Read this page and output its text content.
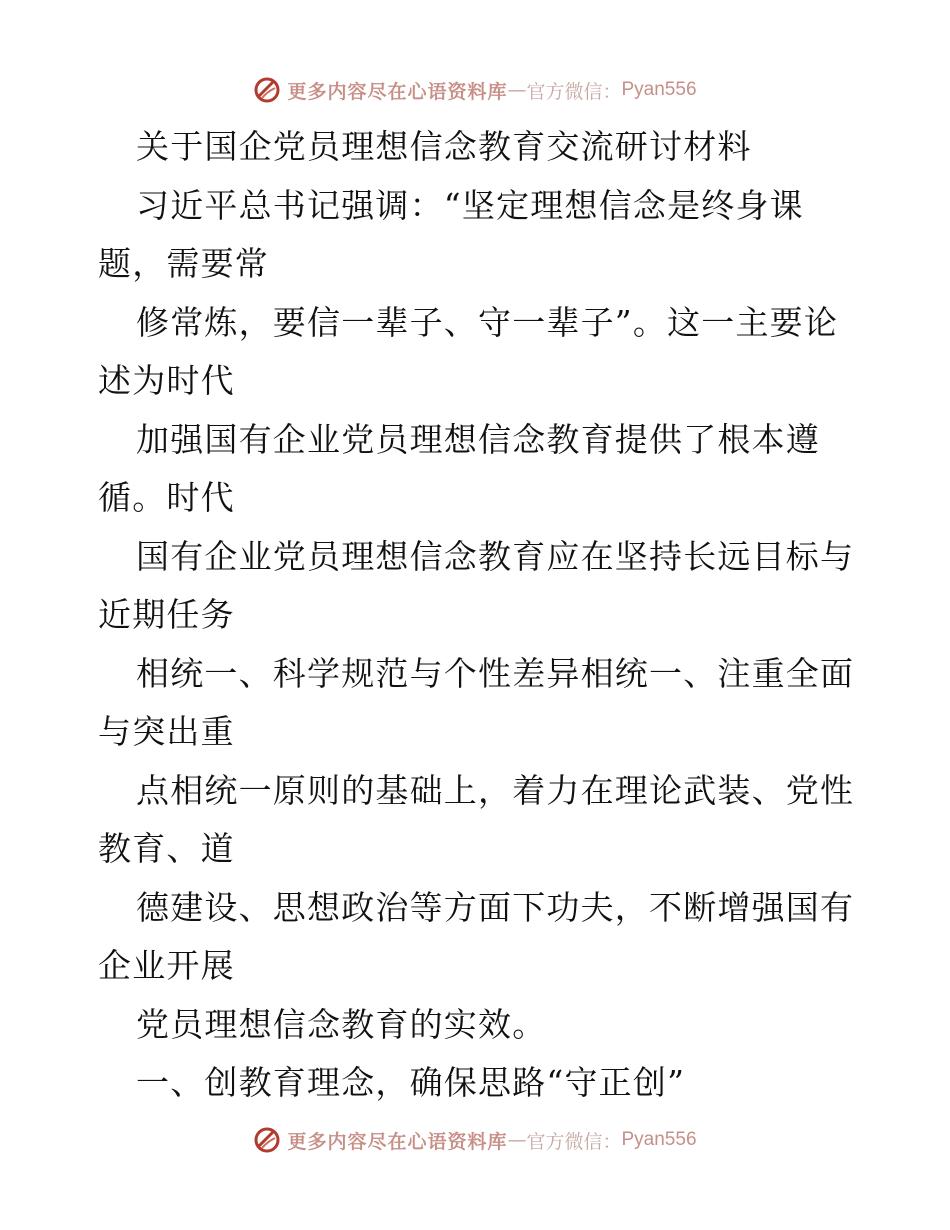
更多内容尽在心语资料库 — 官方微信： Pyan556
关于国企党员理想信念教育交流研讨材料
习近平总书记强调：“坚定理想信念是终身课
题，需要常
修常炼，要信一辈子、守一辈子”。这一主要论
述为时代
加强国有企业党员理想信念教育提供了根本遵
循。时代
国有企业党员理想信念教育应在坚持长远目标与
近期任务
相统一、科学规范与个性差异相统一、注重全面
与突出重
点相统一原则的基础上，着力在理论武装、党性
教育、道
德建设、思想政治等方面下功夫，不断增强国有
企业开展
党员理想信念教育的实效。
一、创教育理念，确保思路“守正创”
更多内容尽在心语资料库 — 官方微信： Pyan556
